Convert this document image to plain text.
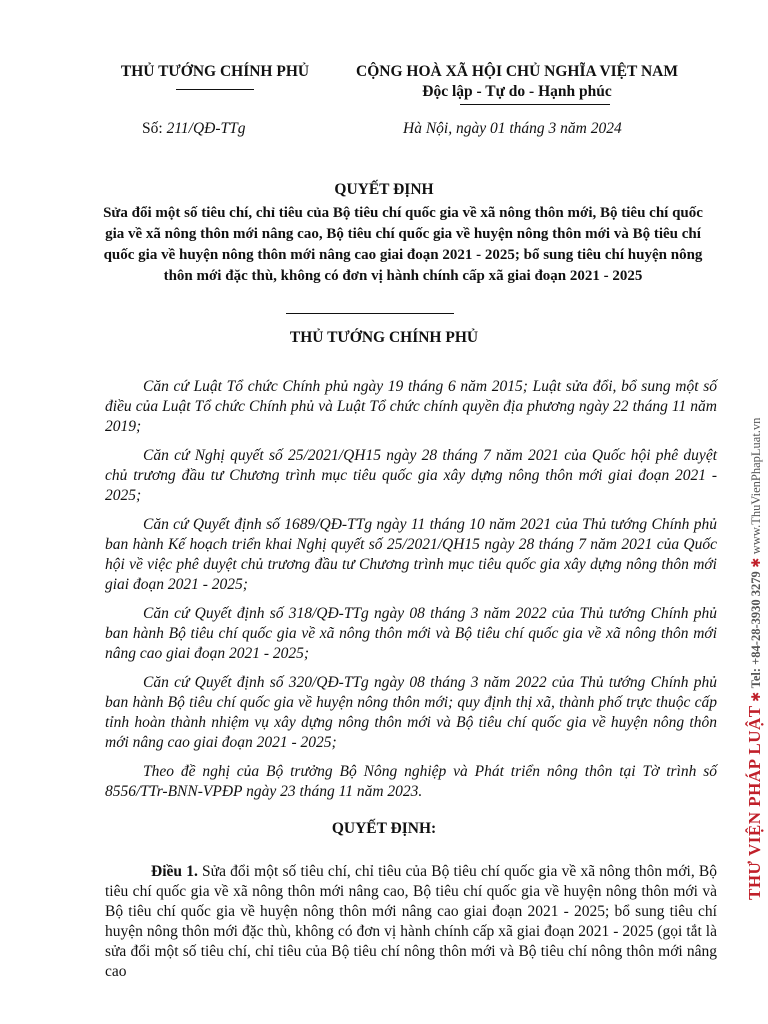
THỦ TƯỚNG CHÍNH PHỦ	CỘNG HOÀ XÃ HỘI CHỦ NGHĨA VIỆT NAM
Độc lập - Tự do - Hạnh phúc
Số: 211/QĐ-TTg	Hà Nội, ngày 01 tháng 3 năm 2024
QUYẾT ĐỊNH
Sửa đổi một số tiêu chí, chỉ tiêu của Bộ tiêu chí quốc gia về xã nông thôn mới, Bộ tiêu chí quốc gia về xã nông thôn mới nâng cao, Bộ tiêu chí quốc gia về huyện nông thôn mới và Bộ tiêu chí quốc gia về huyện nông thôn mới nâng cao giai đoạn 2021 - 2025; bổ sung tiêu chí huyện nông thôn mới đặc thù, không có đơn vị hành chính cấp xã giai đoạn 2021 - 2025
THỦ TƯỚNG CHÍNH PHỦ

Căn cứ Luật Tổ chức Chính phủ ngày 19 tháng 6 năm 2015; Luật sửa đổi, bổ sung một số điều của Luật Tổ chức Chính phủ và Luật Tổ chức chính quyền địa phương ngày 22 tháng 11 năm 2019;

Căn cứ Nghị quyết số 25/2021/QH15 ngày 28 tháng 7 năm 2021 của Quốc hội phê duyệt chủ trương đầu tư Chương trình mục tiêu quốc gia xây dựng nông thôn mới giai đoạn 2021 - 2025;

Căn cứ Quyết định số 1689/QĐ-TTg ngày 11 tháng 10 năm 2021 của Thủ tướng Chính phủ ban hành Kế hoạch triển khai Nghị quyết số 25/2021/QH15 ngày 28 tháng 7 năm 2021 của Quốc hội về việc phê duyệt chủ trương đầu tư Chương trình mục tiêu quốc gia xây dựng nông thôn mới giai đoạn 2021 - 2025;

Căn cứ Quyết định số 318/QĐ-TTg ngày 08 tháng 3 năm 2022 của Thủ tướng Chính phủ ban hành Bộ tiêu chí quốc gia về xã nông thôn mới và Bộ tiêu chí quốc gia về xã nông thôn mới nâng cao giai đoạn 2021 - 2025;

Căn cứ Quyết định số 320/QĐ-TTg ngày 08 tháng 3 năm 2022 của Thủ tướng Chính phủ ban hành Bộ tiêu chí quốc gia về huyện nông thôn mới; quy định thị xã, thành phố trực thuộc cấp tỉnh hoàn thành nhiệm vụ xây dựng nông thôn mới và Bộ tiêu chí quốc gia về huyện nông thôn mới nâng cao giai đoạn 2021 - 2025;

Theo đề nghị của Bộ trưởng Bộ Nông nghiệp và Phát triển nông thôn tại Tờ trình số 8556/TTr-BNN-VPĐP ngày 23 tháng 11 năm 2023.

QUYẾT ĐỊNH:

Điều 1. Sửa đổi một số tiêu chí, chỉ tiêu của Bộ tiêu chí quốc gia về xã nông thôn mới, Bộ tiêu chí quốc gia về xã nông thôn mới nâng cao, Bộ tiêu chí quốc gia về huyện nông thôn mới và Bộ tiêu chí quốc gia về huyện nông thôn mới nâng cao giai đoạn 2021 - 2025; bổ sung tiêu chí huyện nông thôn mới đặc thù, không có đơn vị hành chính cấp xã giai đoạn 2021 - 2025 (gọi tắt là sửa đổi một số tiêu chí, chỉ tiêu của Bộ tiêu chí nông thôn mới và Bộ tiêu chí nông thôn mới nâng cao

THƯ VIỆN PHÁP LUẬT ✱ Tel: +84-28-3930 3279 ✱ www.ThuVienPhapLuat.vn
